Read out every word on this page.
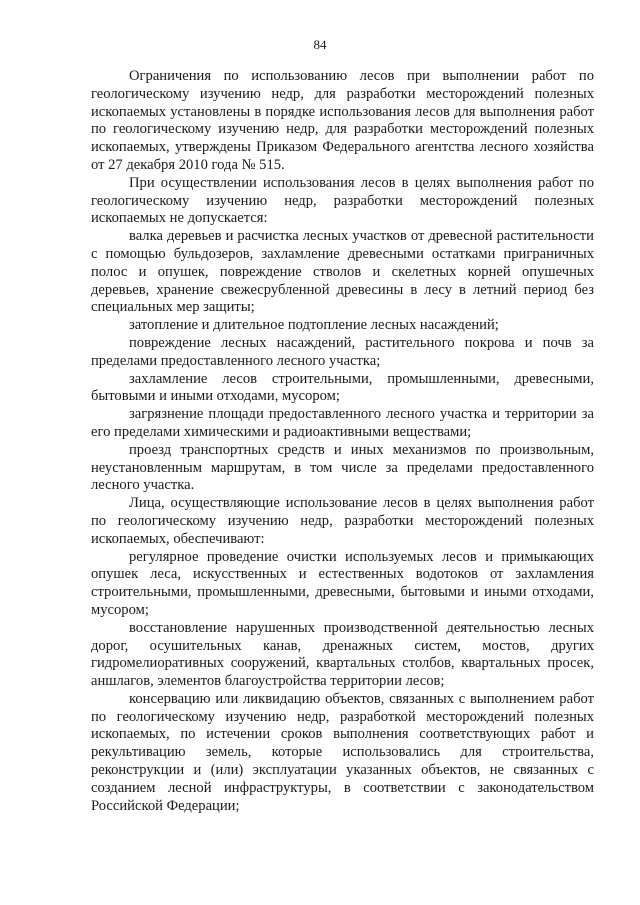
84

Ограничения по использованию лесов при выполнении работ по геологическому изучению недр, для разработки месторождений полезных ископаемых установлены в порядке использования лесов для выполнения работ по геологическому изучению недр, для разработки месторождений полезных ископаемых, утверждены Приказом Федерального агентства лесного хозяйства от 27 декабря 2010 года № 515.

При осуществлении использования лесов в целях выполнения работ по геологическому изучению недр, разработки месторождений полезных ископаемых не допускается:

валка деревьев и расчистка лесных участков от древесной растительности с помощью бульдозеров, захламление древесными остатками приграничных полос и опушек, повреждение стволов и скелетных корней опушечных деревьев, хранение свежесрубленной древесины в лесу в летний период без специальных мер защиты;

затопление и длительное подтопление лесных насаждений;

повреждение лесных насаждений, растительного покрова и почв за пределами предоставленного лесного участка;

захламление лесов строительными, промышленными, древесными, бытовыми и иными отходами, мусором;

загрязнение площади предоставленного лесного участка и территории за его пределами химическими и радиоактивными веществами;

проезд транспортных средств и иных механизмов по произвольным, неустановленным маршрутам, в том числе за пределами предоставленного лесного участка.

Лица, осуществляющие использование лесов в целях выполнения работ по геологическому изучению недр, разработки месторождений полезных ископаемых, обеспечивают:

регулярное проведение очистки используемых лесов и примыкающих опушек леса, искусственных и естественных водотоков от захламления строительными, промышленными, древесными, бытовыми и иными отходами, мусором;

восстановление нарушенных производственной деятельностью лесных дорог, осушительных канав, дренажных систем, мостов, других гидромелиоративных сооружений, квартальных столбов, квартальных просек, аншлагов, элементов благоустройства территории лесов;

консервацию или ликвидацию объектов, связанных с выполнением работ по геологическому изучению недр, разработкой месторождений полезных ископаемых, по истечении сроков выполнения соответствующих работ и рекультивацию земель, которые использовались для строительства, реконструкции и (или) эксплуатации указанных объектов, не связанных с созданием лесной инфраструктуры, в соответствии с законодательством Российской Федерации;
